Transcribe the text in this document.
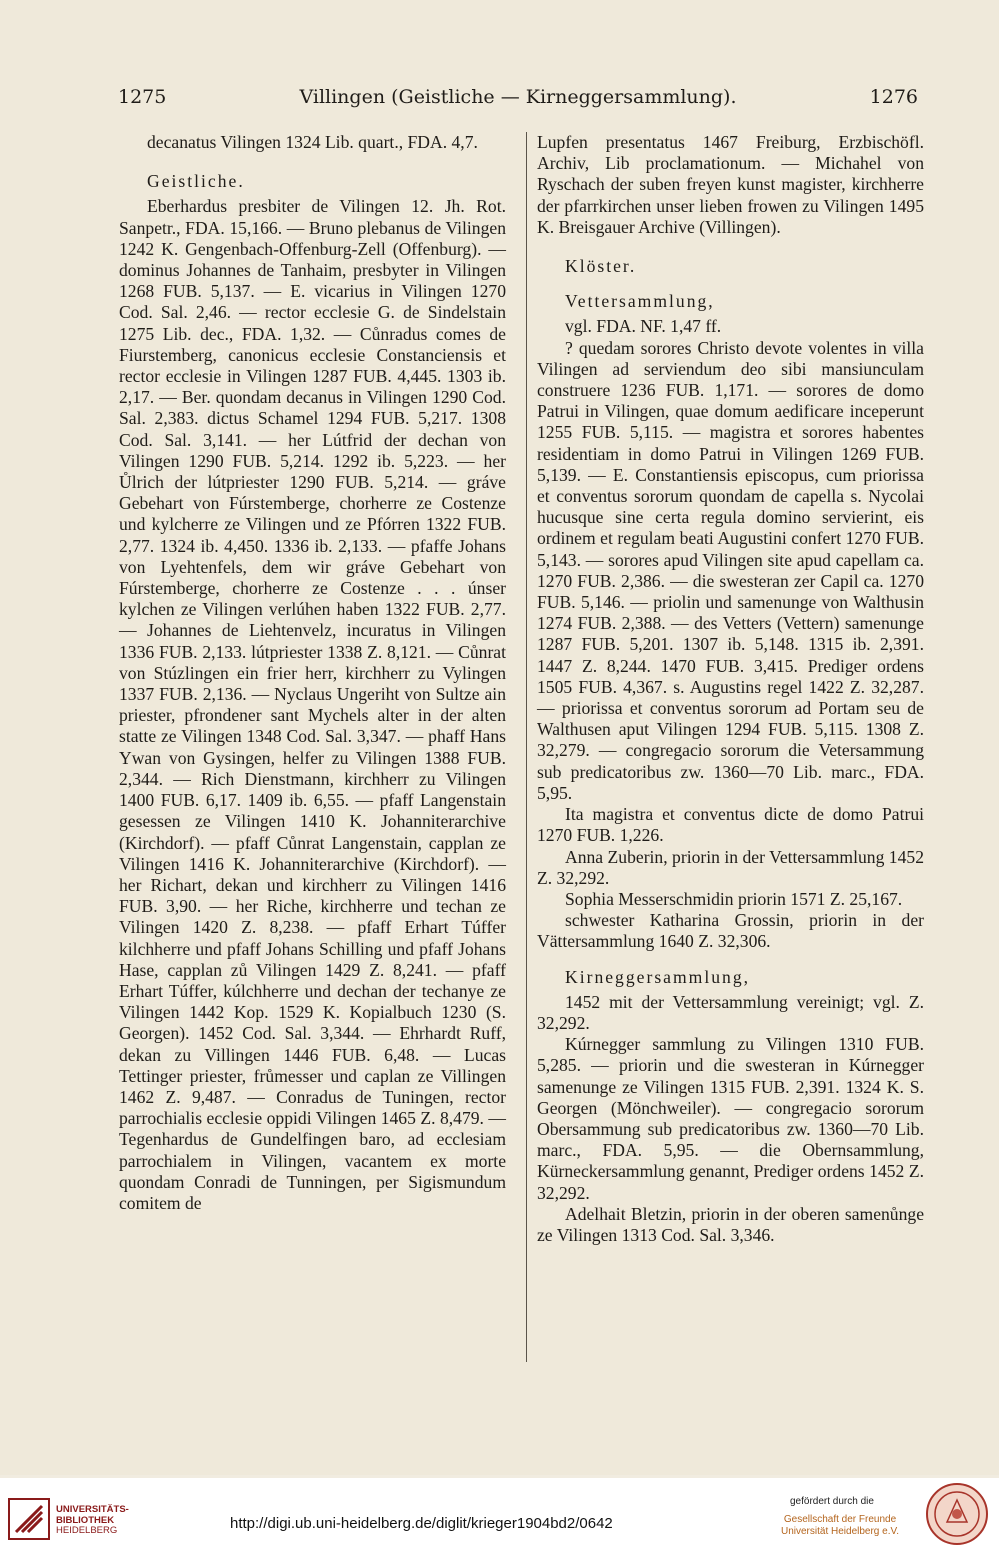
1275	Villingen (Geistliche — Kirneggersammlung).	1276

decanatus Vilingen 1324 Lib. quart., FDA. 4,7.

Geistliche.

Eberhardus presbiter de Vilingen 12. Jh. Rot. Sanpetr., FDA. 15,166. — Bruno plebanus de Vilingen 1242 K. Gengenbach-Offenburg-Zell (Offenburg). — dominus Johannes de Tanhaim, presbyter in Vilingen 1268 FUB. 5,137. — E. vicarius in Vilingen 1270 Cod. Sal. 2,46. — rector ecclesie G. de Sindelstain 1275 Lib. dec., FDA. 1,32. — Cůnradus comes de Fiurstemberg, canonicus ecclesie Constanciensis et rector ecclesie in Vilingen 1287 FUB. 4,445. 1303 ib. 2,17. — Ber. quondam decanus in Vilingen 1290 Cod. Sal. 2,383. dictus Schamel 1294 FUB. 5,217. 1308 Cod. Sal. 3,141. — her Lútfrid der dechan von Vilingen 1290 FUB. 5,214. 1292 ib. 5,223. — her Ůlrich der lútpriester 1290 FUB. 5,214. — gráve Gebehart von Fúrstemberge, chorherre ze Costenze und kylcherre ze Vilingen und ze Pfórren 1322 FUB. 2,77. 1324 ib. 4,450. 1336 ib. 2,133. — pfaffe Johans von Lyehtenfels, dem wir gráve Gebehart von Fúrstemberge, chorherre ze Costenze . . . únser kylchen ze Vilingen verlúhen haben 1322 FUB. 2,77. — Johannes de Liehtenvelz, incuratus in Vilingen 1336 FUB. 2,133. lútpriester 1338 Z. 8,121. — Cůnrat von Stúzlingen ein frier herr, kirchherr zu Vylingen 1337 FUB. 2,136. — Nyclaus Ungeriht von Sultze ain priester, pfrondener sant Mychels alter in der alten statte ze Vilingen 1348 Cod. Sal. 3,347. — phaff Hans Ywan von Gysingen, helfer zu Vilingen 1388 FUB. 2,344. — Rich Dienstmann, kirchherr zu Vilingen 1400 FUB. 6,17. 1409 ib. 6,55. — pfaff Langenstain gesessen ze Vilingen 1410 K. Johanniterarchive (Kirchdorf). — pfaff Cůnrat Langenstain, capplan ze Vilingen 1416 K. Johanniterarchive (Kirchdorf). — her Richart, dekan und kirchherr zu Vilingen 1416 FUB. 3,90. — her Riche, kirchherre und techan ze Vilingen 1420 Z. 8,238. — pfaff Erhart Túffer kilchherre und pfaff Johans Schilling und pfaff Johans Hase, capplan zů Vilingen 1429 Z. 8,241. — pfaff Erhart Túffer, kúlchherre und dechan der techanye ze Vilingen 1442 Kop. 1529 K. Kopialbuch 1230 (S. Georgen). 1452 Cod. Sal. 3,344. — Ehrhardt Ruff, dekan zu Villingen 1446 FUB. 6,48. — Lucas Tettinger priester, frůmesser und caplan ze Villingen 1462 Z. 9,487. — Conradus de Tuningen, rector parrochialis ecclesie oppidi Vilingen 1465 Z. 8,479. — Tegenhardus de Gundelfingen baro, ad ecclesiam parrochialem in Vilingen, vacantem ex morte quondam Conradi de Tunningen, per Sigismundum comitem de

Lupfen presentatus 1467 Freiburg, Erzbischöfl. Archiv, Lib proclamationum. — Michahel von Ryschach der suben freyen kunst magister, kirchherre der pfarrkirchen unser lieben frowen zu Vilingen 1495 K. Breisgauer Archive (Villingen).

Klöster.
Vettersammlung,

vgl. FDA. NF. 1,47 ff.

? quedam sorores Christo devote volentes in villa Vilingen ad serviendum deo sibi mansiunculam construere 1236 FUB. 1,171. — sorores de domo Patrui in Vilingen, quae domum aedificare inceperunt 1255 FUB. 5,115. — magistra et sorores habentes residentiam in domo Patrui in Vilingen 1269 FUB. 5,139. — E. Constantiensis episcopus, cum priorissa et conventus sororum quondam de capella s. Nycolai hucusque sine certa regula domino servierint, eis ordinem et regulam beati Augustini confert 1270 FUB. 5,143. — sorores apud Vilingen site apud capellam ca. 1270 FUB. 2,386. — die swesteran zer Capil ca. 1270 FUB. 5,146. — priolin und samenunge von Walthusin 1274 FUB. 2,388. — des Vetters (Vettern) samenunge 1287 FUB. 5,201. 1307 ib. 5,148. 1315 ib. 2,391. 1447 Z. 8,244. 1470 FUB. 3,415. Prediger ordens 1505 FUB. 4,367. s. Augustins regel 1422 Z. 32,287. — priorissa et conventus sororum ad Portam seu de Walthusen aput Vilingen 1294 FUB. 5,115. 1308 Z. 32,279. — congregacio sororum die Vetersammung sub predicatoribus zw. 1360—70 Lib. marc., FDA. 5,95.

Ita magistra et conventus dicte de domo Patrui 1270 FUB. 1,226.

Anna Zuberin, priorin in der Vettersammlung 1452 Z. 32,292.

Sophia Messerschmidin priorin 1571 Z. 25,167.

schwester Katharina Grossin, priorin in der Vättersammlung 1640 Z. 32,306.

Kirneggersammlung,

1452 mit der Vettersammlung vereinigt; vgl. Z. 32,292.

Kúrnegger sammlung zu Vilingen 1310 FUB. 5,285. — priorin und die swesteran in Kúrnegger samenunge ze Vilingen 1315 FUB. 2,391. 1324 K. S. Georgen (Mönchweiler). — congregacio sororum Obersammung sub predicatoribus zw. 1360—70 Lib. marc., FDA. 5,95. — die Obernsammlung, Kürneckersammlung genannt, Prediger ordens 1452 Z. 32,292.

Adelhait Bletzin, priorin in der oberen samenůnge ze Vilingen 1313 Cod. Sal. 3,346.

UNIVERSITÄTS-
BIBLIOTHEK
HEIDELBERG	http://digi.ub.uni-heidelberg.de/diglit/krieger1904bd2/0642
gefördert durch die
Gesellschaft der Freunde
Universität Heidelberg e.V.
